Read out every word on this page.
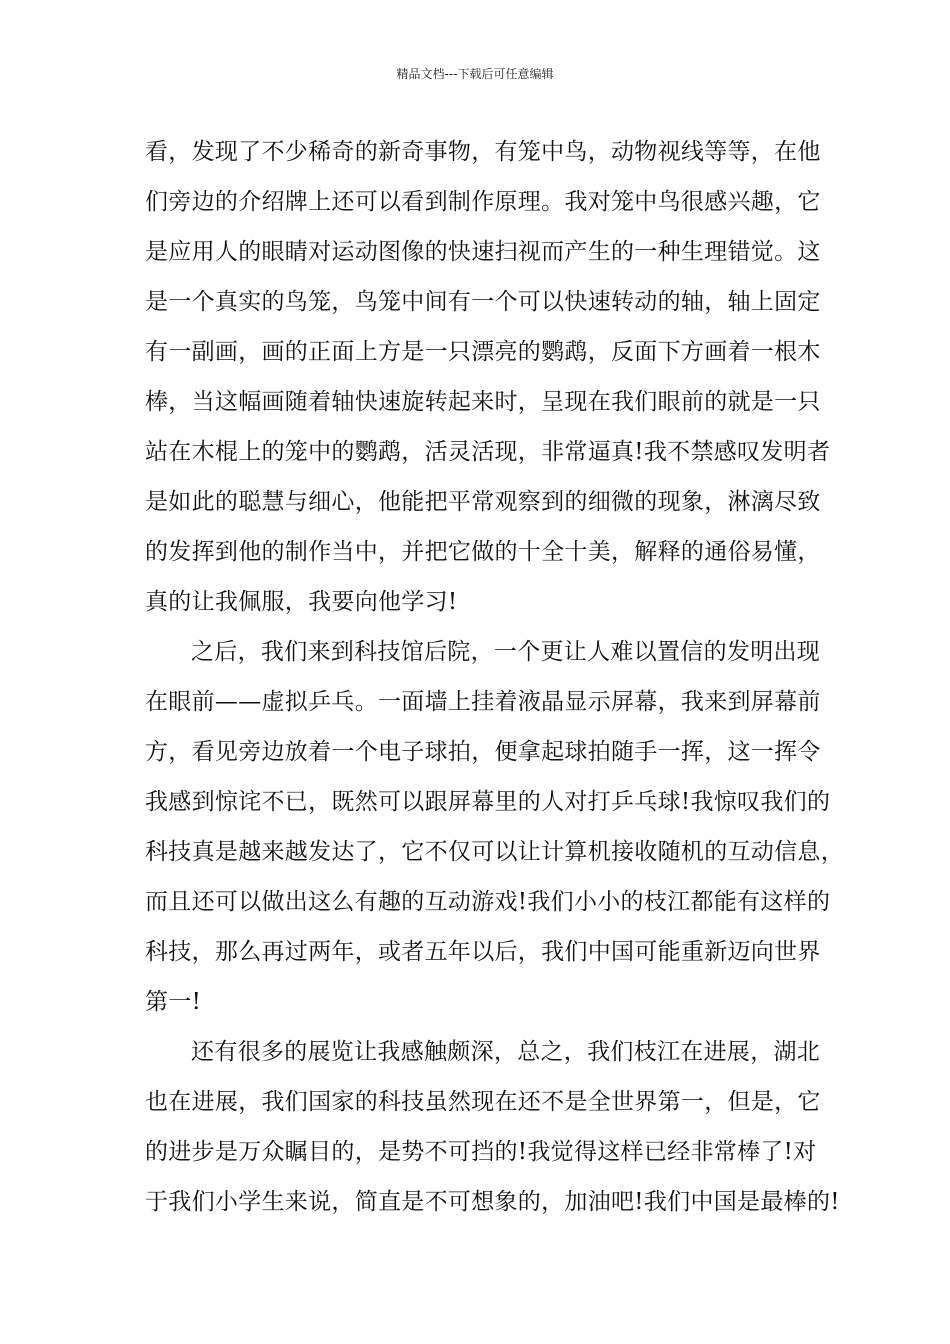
精品文档---下载后可任意编辑
看，发现了不少稀奇的新奇事物，有笼中鸟，动物视线等等，在他
们旁边的介绍牌上还可以看到制作原理。我对笼中鸟很感兴趣，它
是应用人的眼睛对运动图像的快速扫视而产生的一种生理错觉。这
是一个真实的鸟笼，鸟笼中间有一个可以快速转动的轴，轴上固定
有一副画，画的正面上方是一只漂亮的鹦鹉，反面下方画着一根木
棒，当这幅画随着轴快速旋转起来时，呈现在我们眼前的就是一只
站在木棍上的笼中的鹦鹉，活灵活现，非常逼真!我不禁感叹发明者
是如此的聪慧与细心，他能把平常观察到的细微的现象，淋漓尽致
的发挥到他的制作当中，并把它做的十全十美，解释的通俗易懂，
真的让我佩服，我要向他学习!
之后，我们来到科技馆后院，一个更让人难以置信的发明出现
在眼前——虚拟乒乓。一面墙上挂着液晶显示屏幕，我来到屏幕前
方，看见旁边放着一个电子球拍，便拿起球拍随手一挥，这一挥令
我感到惊诧不已，既然可以跟屏幕里的人对打乒乓球!我惊叹我们的
科技真是越来越发达了，它不仅可以让计算机接收随机的互动信息，
而且还可以做出这么有趣的互动游戏!我们小小的枝江都能有这样的
科技，那么再过两年，或者五年以后，我们中国可能重新迈向世界
第一!
还有很多的展览让我感触颇深，总之，我们枝江在进展，湖北
也在进展，我们国家的科技虽然现在还不是全世界第一，但是，它
的进步是万众瞩目的，是势不可挡的!我觉得这样已经非常棒了!对
于我们小学生来说，简直是不可想象的，加油吧!我们中国是最棒的!
